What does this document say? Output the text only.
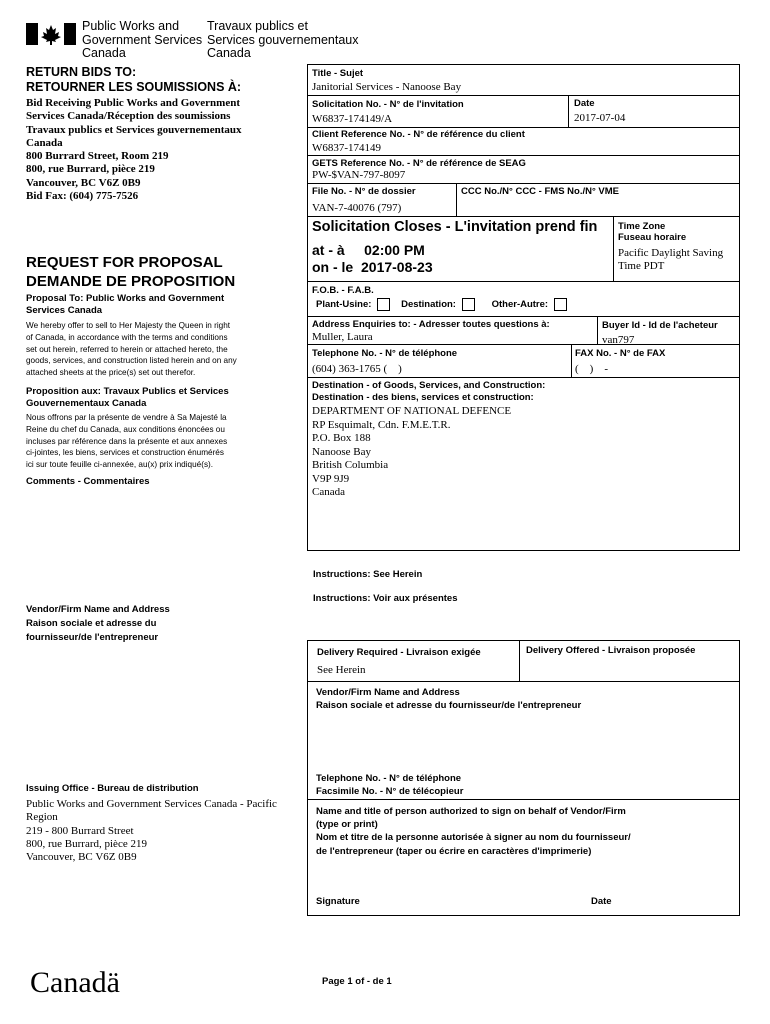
Public Works and
Government Services
Canada
Travaux publics et
Services gouvernementaux
Canada
RETURN BIDS TO:
RETOURNER LES SOUMISSIONS À:
Bid Receiving Public Works and Government
Services Canada/Réception des soumissions
Travaux publics et Services gouvernementaux
Canada
800 Burrard Street, Room 219
800, rue Burrard, pièce 219
Vancouver, BC V6Z 0B9
Bid Fax: (604) 775-7526
REQUEST FOR PROPOSAL
DEMANDE DE PROPOSITION
Proposal To: Public Works and Government
Services Canada
We hereby offer to sell to Her Majesty the Queen in right
of Canada, in accordance with the terms and conditions
set out herein, referred to herein or attached hereto, the
goods, services, and construction listed herein and on any
attached sheets at the price(s) set out therefor.
Proposition aux: Travaux Publics et Services
Gouvernementaux Canada
Nous offrons par la présente de vendre à Sa Majesté la
Reine du chef du Canada, aux conditions énoncées ou
incluses par référence dans la présente et aux annexes
ci-jointes, les biens, services et construction énumérés
ici sur toute feuille ci-annexée, au(x) prix indiqué(s).
Comments - Commentaires
Vendor/Firm Name and Address
Raison sociale et adresse du
fournisseur/de l'entrepreneur
Issuing Office - Bureau de distribution
Public Works and Government Services Canada - Pacific
Region
219 - 800 Burrard Street
800, rue Burrard, pièce 219
Vancouver, BC V6Z 0B9
Title - Sujet
Janitorial Services - Nanoose Bay
Solicitation No. - N° de l'invitation
W6837-174149/A
Date
2017-07-04
Client Reference No. - N° de référence du client
W6837-174149
GETS Reference No. - N° de référence de SEAG
PW-$VAN-797-8097
File No. - N° de dossier
VAN-7-40076 (797)
CCC No./N° CCC - FMS No./N° VME
Solicitation Closes - L'invitation prend fin
at - à     02:00 PM
on - le  2017-08-23
Time Zone
Fuseau horaire
Pacific Daylight Saving
Time PDT
F.O.B. - F.A.B.
Plant-Usine:	Destination:	Other-Autre:
Address Enquiries to: - Adresser toutes questions à:
Muller, Laura
Buyer Id - Id de l'acheteur
van797
Telephone No. - N° de téléphone
(604) 363-1765 (    )
FAX No. - N° de FAX
(    )    -
Destination - of Goods, Services, and Construction:
Destination - des biens, services et construction:
DEPARTMENT OF NATIONAL DEFENCE
RP Esquimalt, Cdn. F.M.E.T.R.
P.O. Box 188
Nanoose Bay
British Columbia
V9P 9J9
Canada
Instructions: See Herein
Instructions: Voir aux présentes
Delivery Required - Livraison exigée
See Herein
Delivery Offered - Livraison proposée
Vendor/Firm Name and Address
Raison sociale et adresse du fournisseur/de l'entrepreneur
Telephone No. - N° de téléphone
Facsimile No. - N° de télécopieur
Name and title of person authorized to sign on behalf of Vendor/Firm
(type or print)
Nom et titre de la personne autorisée à signer au nom du fournisseur/
de l'entrepreneur (taper ou écrire en caractères d'imprimerie)
Signature	Date
Canadä	Page 1 of - de 1
